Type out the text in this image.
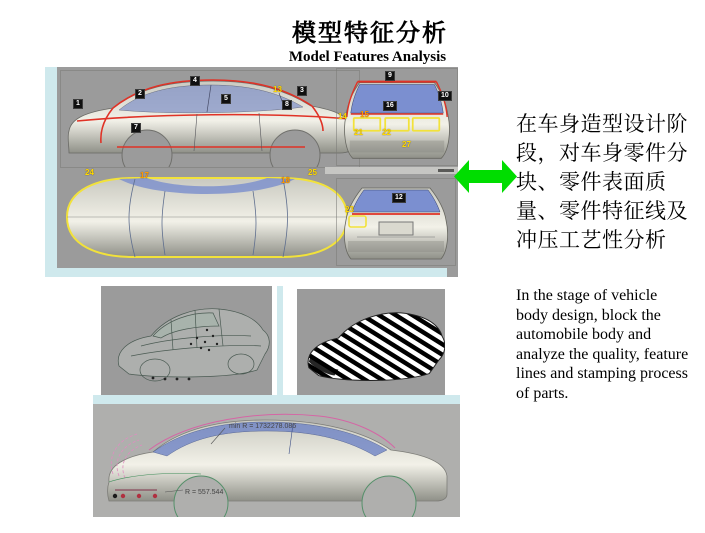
模型特征分析
Model Features Analysis
1
2
4
5
7
8
13	3
24	17
18
25
9
10
16
14 15
21 22
27
12
23
min R = 1732278.086
R = 557.544
在车身造型设计阶段，对车身零件分块、零件表面质量、零件特征线及冲压工艺性分析
In the stage of vehicle body design, block the automobile body and analyze the quality, feature lines and stamping process of parts.
